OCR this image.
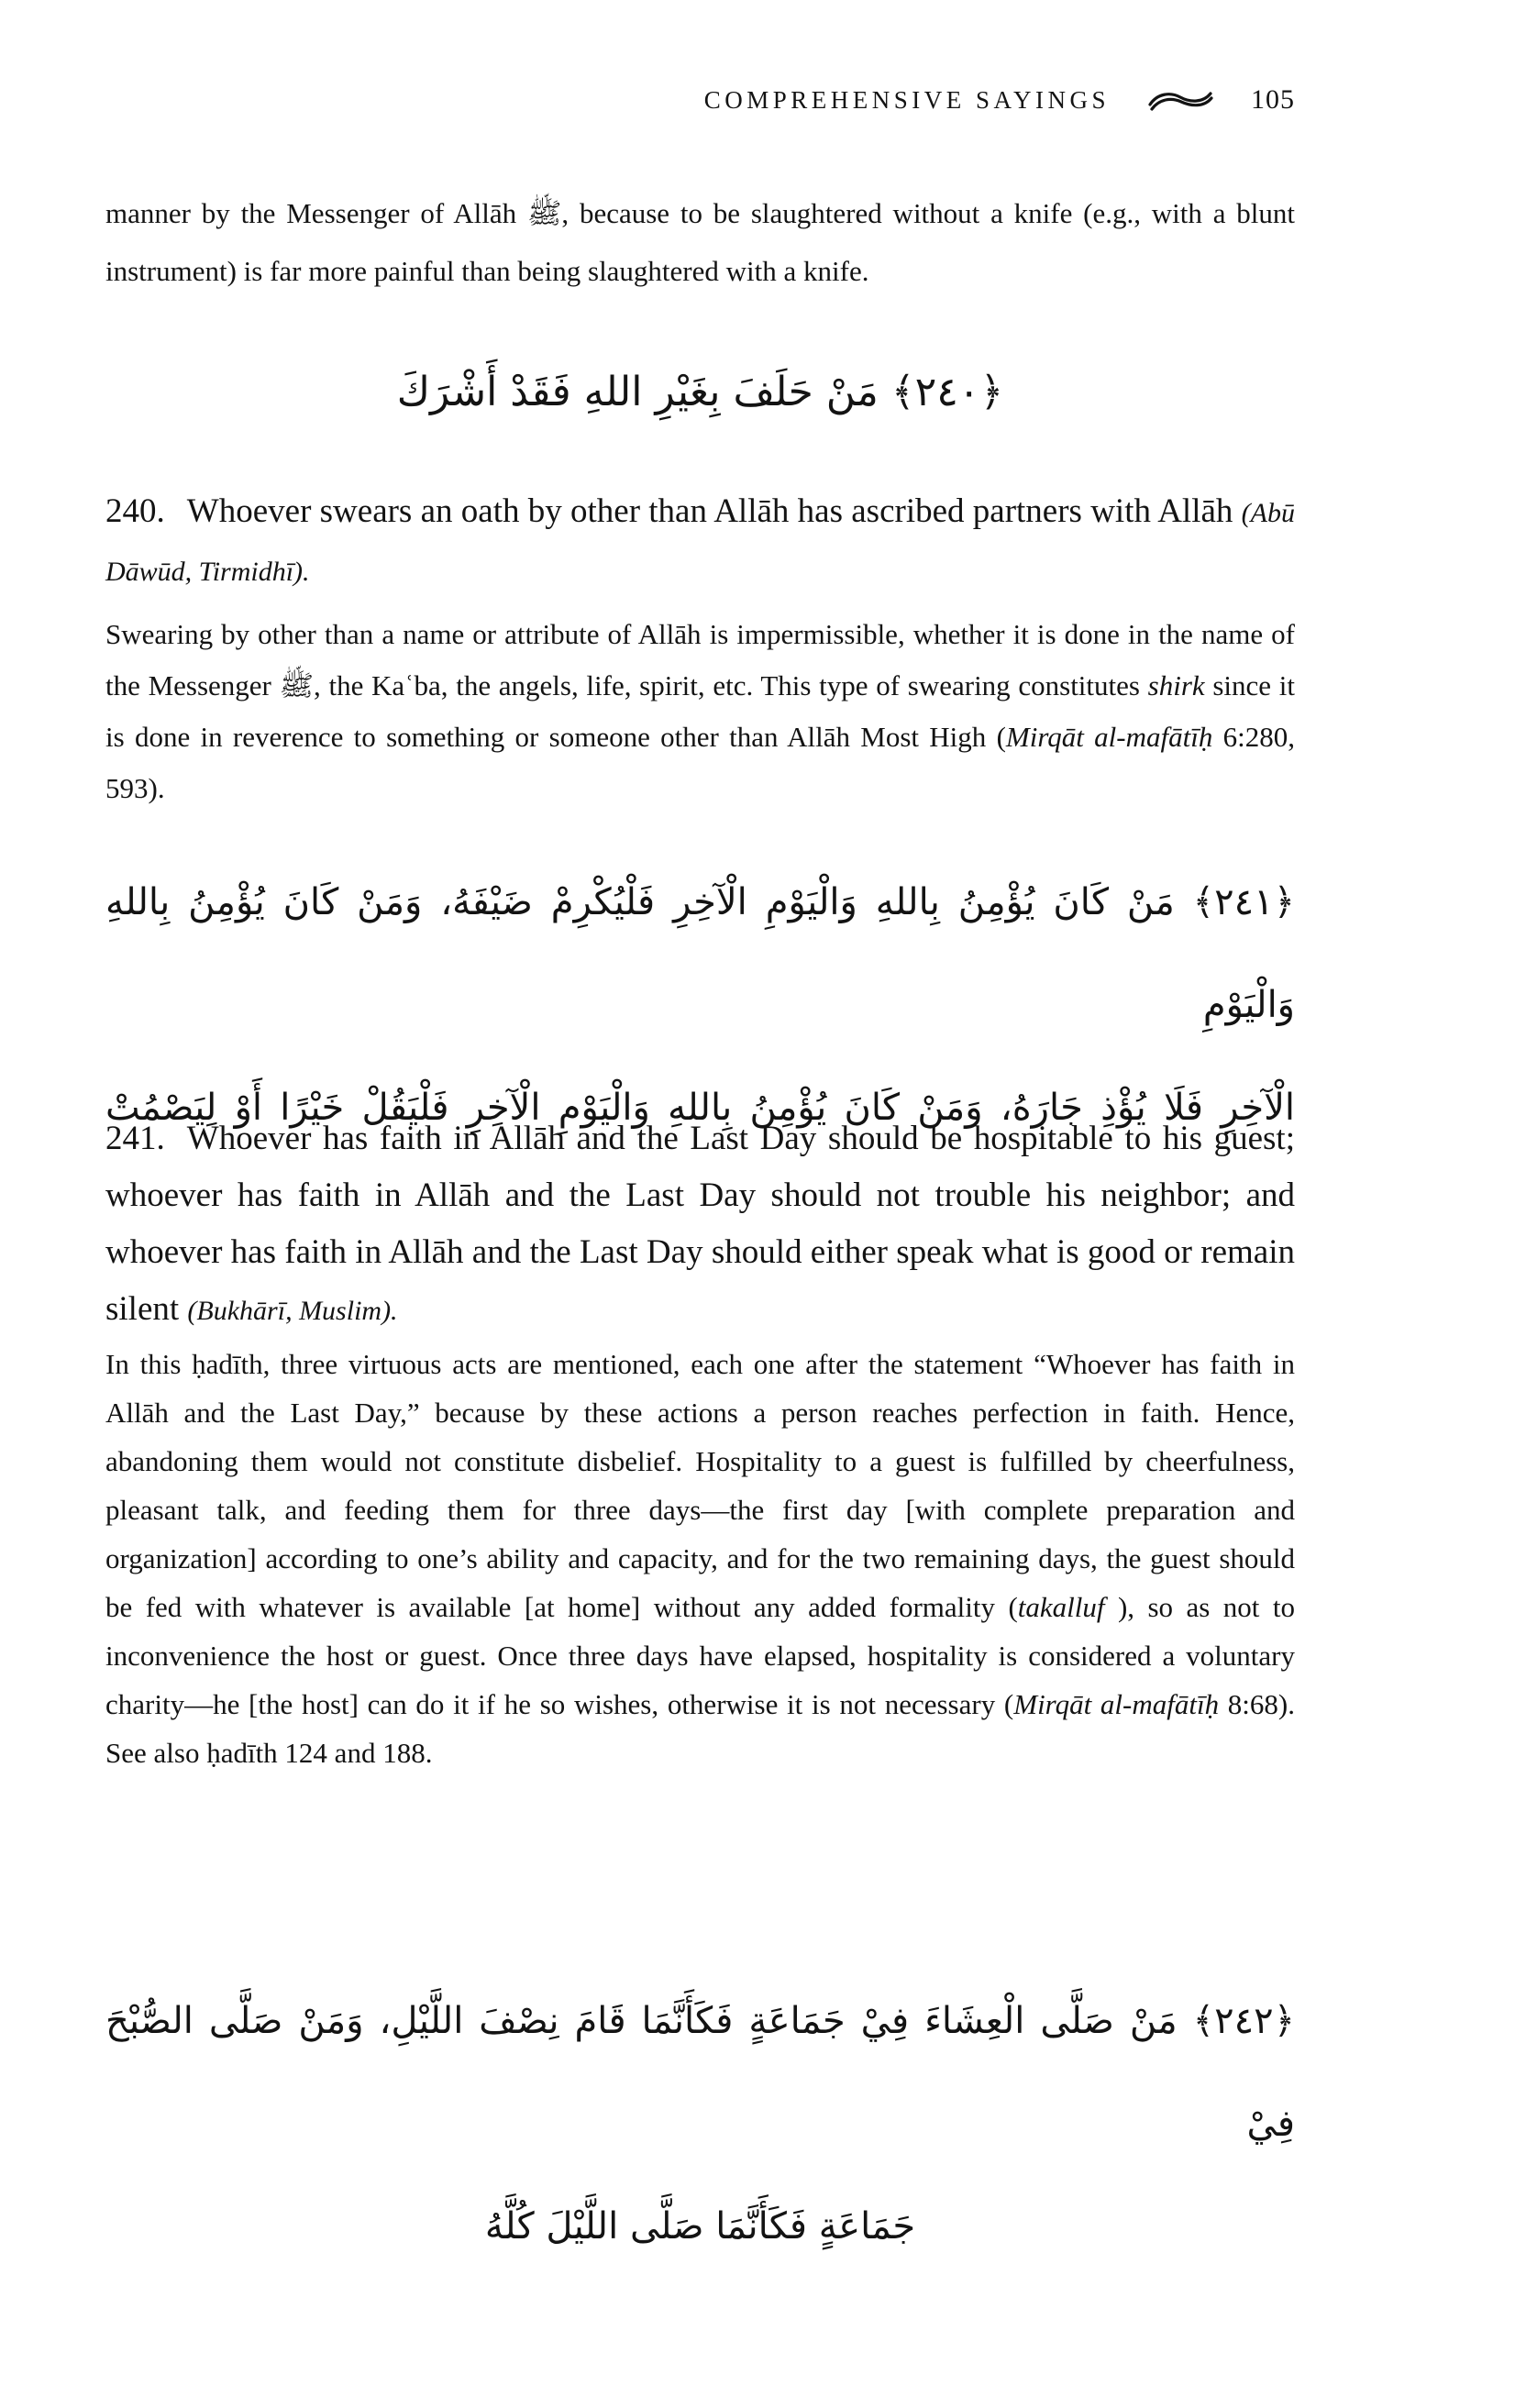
COMPREHENSIVE SAYINGS	105

manner by the Messenger of Allāh ﷺ, because to be slaughtered without a knife (e.g., with a blunt instrument) is far more painful than being slaughtered with a knife.

﴿٢٤٠﴾ مَنْ حَلَفَ بِغَيْرِ اللهِ فَقَدْ أَشْرَكَ

240. Whoever swears an oath by other than Allāh has ascribed partners with Allāh (Abū Dāwūd, Tirmidhī).

Swearing by other than a name or attribute of Allāh is impermissible, whether it is done in the name of the Messenger ﷺ, the Kaʿba, the angels, life, spirit, etc. This type of swearing constitutes shirk since it is done in reverence to something or someone other than Allāh Most High (Mirqāt al-mafātīḥ 6:280, 593).

﴿٢٤١﴾ مَنْ كَانَ يُؤْمِنُ بِاللهِ وَالْيَوْمِ الْآخِرِ فَلْيُكْرِمْ ضَيْفَهُ، وَمَنْ كَانَ يُؤْمِنُ بِاللهِ وَالْيَوْمِ
الْآخِرِ فَلَا يُؤْذِ جَارَهُ، وَمَنْ كَانَ يُؤْمِنُ بِاللهِ وَالْيَوْمِ الْآخِرِ فَلْيَقُلْ خَيْرًا أَوْ لِيَصْمُتْ

241. Whoever has faith in Allāh and the Last Day should be hospitable to his guest; whoever has faith in Allāh and the Last Day should not trouble his neighbor; and whoever has faith in Allāh and the Last Day should either speak what is good or remain silent (Bukhārī, Muslim).

In this ḥadīth, three virtuous acts are mentioned, each one after the statement “Whoever has faith in Allāh and the Last Day,” because by these actions a person reaches perfection in faith. Hence, abandoning them would not constitute disbelief. Hospitality to a guest is fulfilled by cheerfulness, pleasant talk, and feeding them for three days—the first day [with complete preparation and organization] according to one’s ability and capacity, and for the two remaining days, the guest should be fed with whatever is available [at home] without any added formality (takalluf ), so as not to inconvenience the host or guest. Once three days have elapsed, hospitality is considered a voluntary charity—he [the host] can do it if he so wishes, otherwise it is not necessary (Mirqāt al-mafātīḥ 8:68). See also ḥadīth 124 and 188.

﴿٢٤٢﴾ مَنْ صَلَّى الْعِشَاءَ فِيْ جَمَاعَةٍ فَكَأَنَّمَا قَامَ نِصْفَ اللَّيْلِ، وَمَنْ صَلَّى الصُّبْحَ فِيْ
جَمَاعَةٍ فَكَأَنَّمَا صَلَّى اللَّيْلَ كُلَّهُ
